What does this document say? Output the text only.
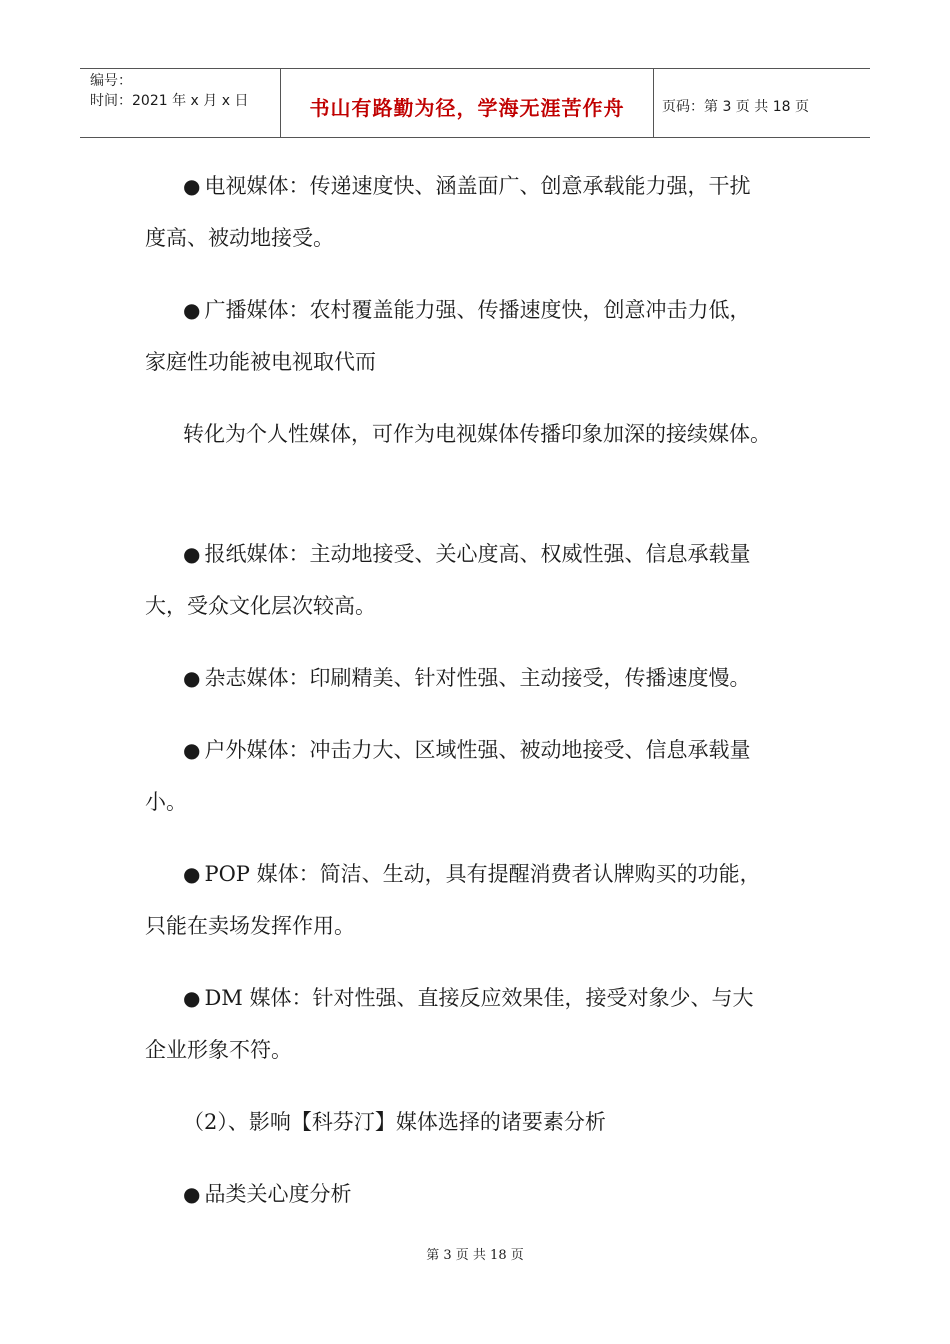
编号：
时间：2021 年 x 月 x 日	书山有路勤为径，学海无涯苦作舟	页码：第 3 页 共 18 页

● 电视媒体：传递速度快、涵盖面广、创意承载能力强，干扰
度高、被动地接受。

● 广播媒体：农村覆盖能力强、传播速度快，创意冲击力低，
家庭性功能被电视取代而

转化为个人性媒体，可作为电视媒体传播印象加深的接续媒体。

● 报纸媒体：主动地接受、关心度高、权威性强、信息承载量
大，受众文化层次较高。

● 杂志媒体：印刷精美、针对性强、主动接受，传播速度慢。

● 户外媒体：冲击力大、区域性强、被动地接受、信息承载量
小。

● POP 媒体：简洁、生动，具有提醒消费者认牌购买的功能，
只能在卖场发挥作用。

● DM 媒体：针对性强、直接反应效果佳，接受对象少、与大
企业形象不符。

（2）、影响【科芬汀】媒体选择的诸要素分析

● 品类关心度分析

第 3 页 共 18 页
